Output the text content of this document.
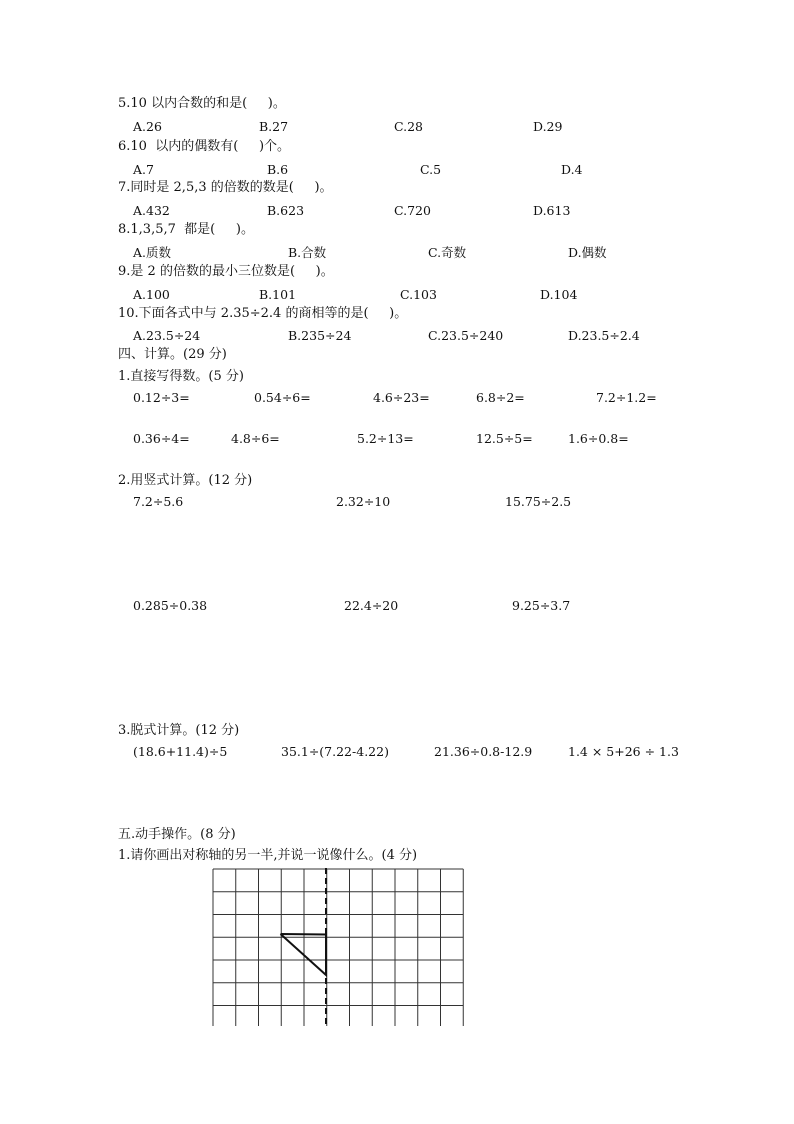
5.10 以内合数的和是(     )。
A.26	B.27	C.28	D.29
6.10  以内的偶数有(     )个。
A.7	B.6	C.5	D.4
7.同时是 2,5,3 的倍数的数是(     )。
A.432	B.623	C.720	D.613
8.1,3,5,7  都是(     )。
A.质数	B.合数	C.奇数	D.偶数
9.是 2 的倍数的最小三位数是(     )。
A.100	B.101	C.103	D.104
10.下面各式中与 2.35÷2.4 的商相等的是(     )。
A.23.5÷24	B.235÷24	C.23.5÷240	D.23.5÷2.4
四、计算。(29 分)
1.直接写得数。(5 分)
0.12÷3=	0.54÷6=	4.6÷23=	6.8÷2=	7.2÷1.2=
0.36÷4=	4.8÷6=	5.2÷13=	12.5÷5=	1.6÷0.8=
2.用竖式计算。(12 分)
7.2÷5.6	2.32÷10	15.75÷2.5
0.285÷0.38	22.4÷20	9.25÷3.7
3.脱式计算。(12 分)
(18.6+11.4)÷5	35.1÷(7.22-4.22)	21.36÷0.8-12.9	1.4 × 5+26 ÷ 1.3
五.动手操作。(8 分)
1.请你画出对称轴的另一半,并说一说像什么。(4 分)
